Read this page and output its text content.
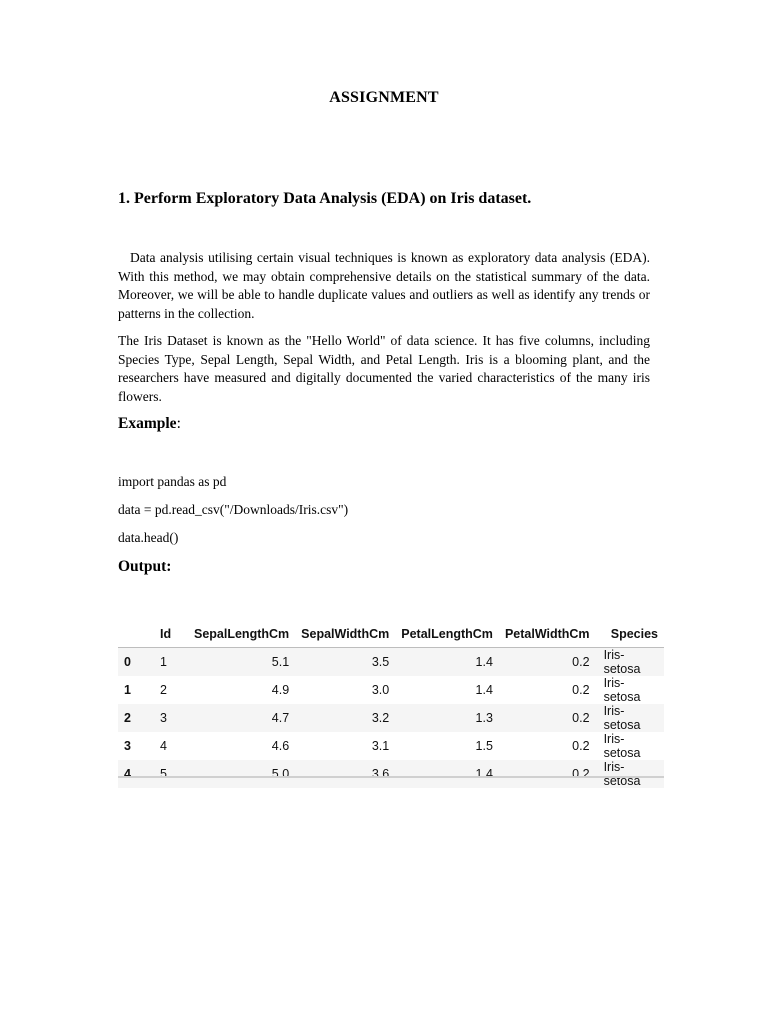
ASSIGNMENT
1. Perform Exploratory Data Analysis (EDA) on Iris dataset.

Data analysis utilising certain visual techniques is known as exploratory data analysis (EDA). With this method, we may obtain comprehensive details on the statistical summary of the data. Moreover, we will be able to handle duplicate values and outliers as well as identify any trends or patterns in the collection.

The Iris Dataset is known as the "Hello World" of data science. It has five columns, including Species Type, Sepal Length, Sepal Width, and Petal Length. Iris is a blooming plant, and the researchers have measured and digitally documented the varied characteristics of the many iris flowers.

Example:
import pandas as pd
data = pd.read_csv("/Downloads/Iris.csv")
data.head()
Output:
	Id	SepalLengthCm	SepalWidthCm	PetalLengthCm	PetalWidthCm	Species
0	1	5.1	3.5	1.4	0.2	Iris-setosa
1	2	4.9	3.0	1.4	0.2	Iris-setosa
2	3	4.7	3.2	1.3	0.2	Iris-setosa
3	4	4.6	3.1	1.5	0.2	Iris-setosa
4	5	5.0	3.6	1.4	0.2	Iris-setosa
